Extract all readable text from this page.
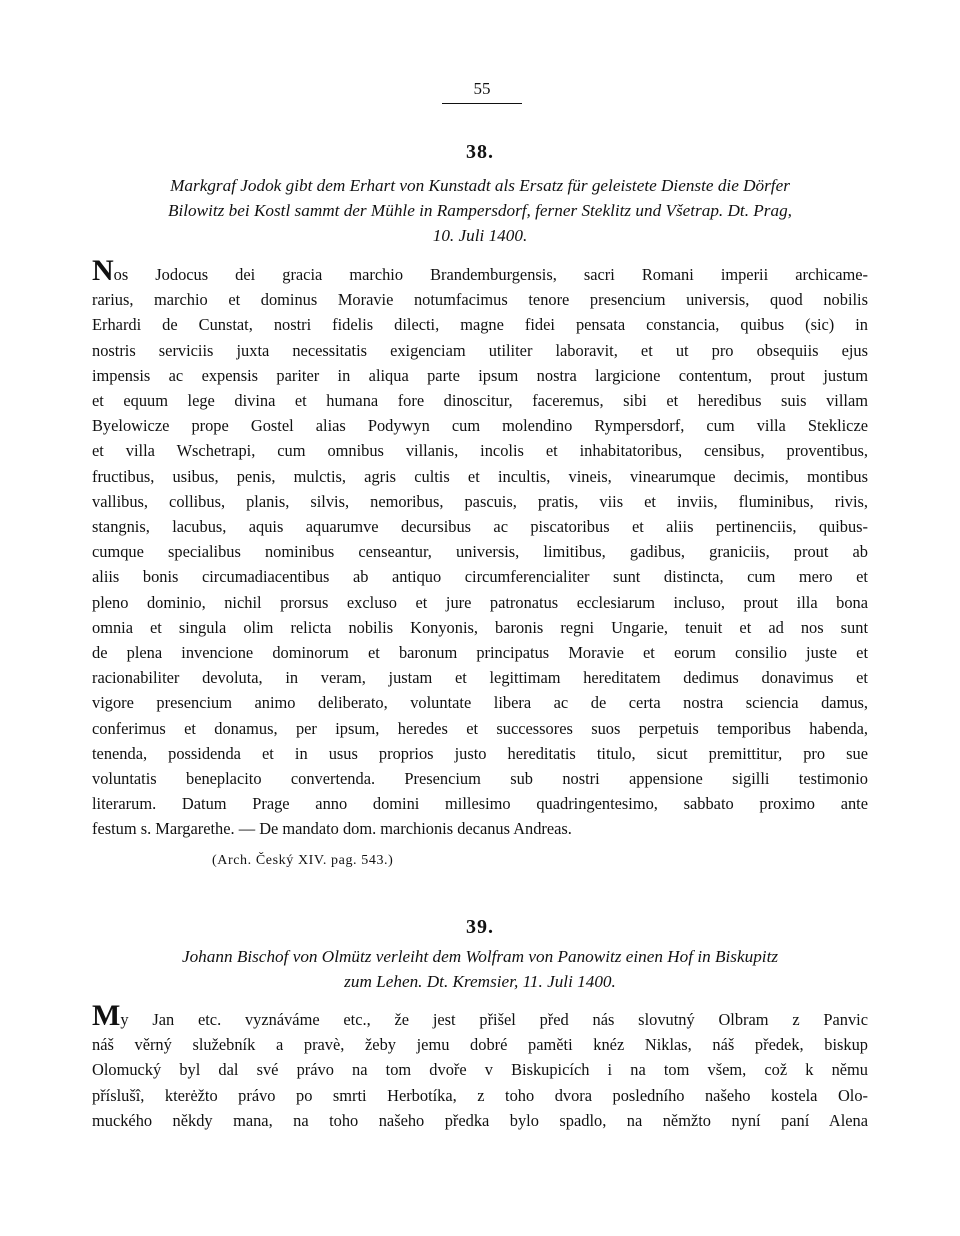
55
38.
Markgraf Jodok gibt dem Erhart von Kunstadt als Ersatz für geleistete Dienste die Dörfer
Bilowitz bei Kostl sammt der Mühle in Rampersdorf, ferner Steklitz und Všetrap. Dt. Prag,
10. Juli 1400.
Nos Jodocus dei gracia marchio Brandemburgensis, sacri Romani imperii archicame-
rarius, marchio et dominus Moravie notumfacimus tenore presencium universis, quod nobilis
Erhardi de Cunstat, nostri fidelis dilecti, magne fidei pensata constancia, quibus (sic) in
nostris serviciis juxta necessitatis exigenciam utiliter laboravit, et ut pro obsequiis ejus
impensis ac expensis pariter in aliqua parte ipsum nostra largicione contentum, prout justum
et equum lege divina et humana fore dinoscitur, faceremus, sibi et heredibus suis villam
Byelowicze prope Gostel alias Podywyn cum molendino Rympersdorf, cum villa Steklicze
et villa Wschetrapi, cum omnibus villanis, incolis et inhabitatoribus, censibus, proventibus,
fructibus, usibus, penis, mulctis, agris cultis et incultis, vineis, vinearumque decimis, montibus
vallibus, collibus, planis, silvis, nemoribus, pascuis, pratis, viis et inviis, fluminibus, rivis,
stangnis, lacubus, aquis aquarumve decursibus ac piscatoribus et aliis pertinenciis, quibus-
cumque specialibus nominibus censeantur, universis, limitibus, gadibus, graniciis, prout ab
aliis bonis circumadiacentibus ab antiquo circumferencialiter sunt distincta, cum mero et
pleno dominio, nichil prorsus excluso et jure patronatus ecclesiarum incluso, prout illa bona
omnia et singula olim relicta nobilis Konyonis, baronis regni Ungarie, tenuit et ad nos sunt
de plena invencione dominorum et baronum principatus Moravie et eorum consilio juste et
racionabiliter devoluta, in veram, justam et legittimam hereditatem dedimus donavimus et
vigore presencium animo deliberato, voluntate libera ac de certa nostra sciencia damus,
conferimus et donamus, per ipsum, heredes et successores suos perpetuis temporibus habenda,
tenenda, possidenda et in usus proprios justo hereditatis titulo, sicut premittitur, pro sue
voluntatis beneplacito convertenda. Presencium sub nostri appensione sigilli testimonio
literarum. Datum Prage anno domini millesimo quadringentesimo, sabbato proximo ante
festum s. Margarethe. — De mandato dom. marchionis decanus Andreas.
(Arch. Český XIV. pag. 543.)
39.
Johann Bischof von Olmütz verleiht dem Wolfram von Panowitz einen Hof in Biskupitz
zum Lehen. Dt. Kremsier, 11. Juli 1400.
My Jan etc. vyznáváme etc., že jest přišel před nás slovutný Olbram z Panvic
náš věrný služebník a pravè, žeby jemu dobré paměti knéz Niklas, náš předek, biskup
Olomucký byl dal své právo na tom dvoře v Biskupicích i na tom všem, což k němu
příslušî, kterėžto právo po smrti Herbotíka, z toho dvora posledního našeho kostela Olo-
muckého někdy mana, na toho našeho předka bylo spadlo, na němžto nyní paní Alena
